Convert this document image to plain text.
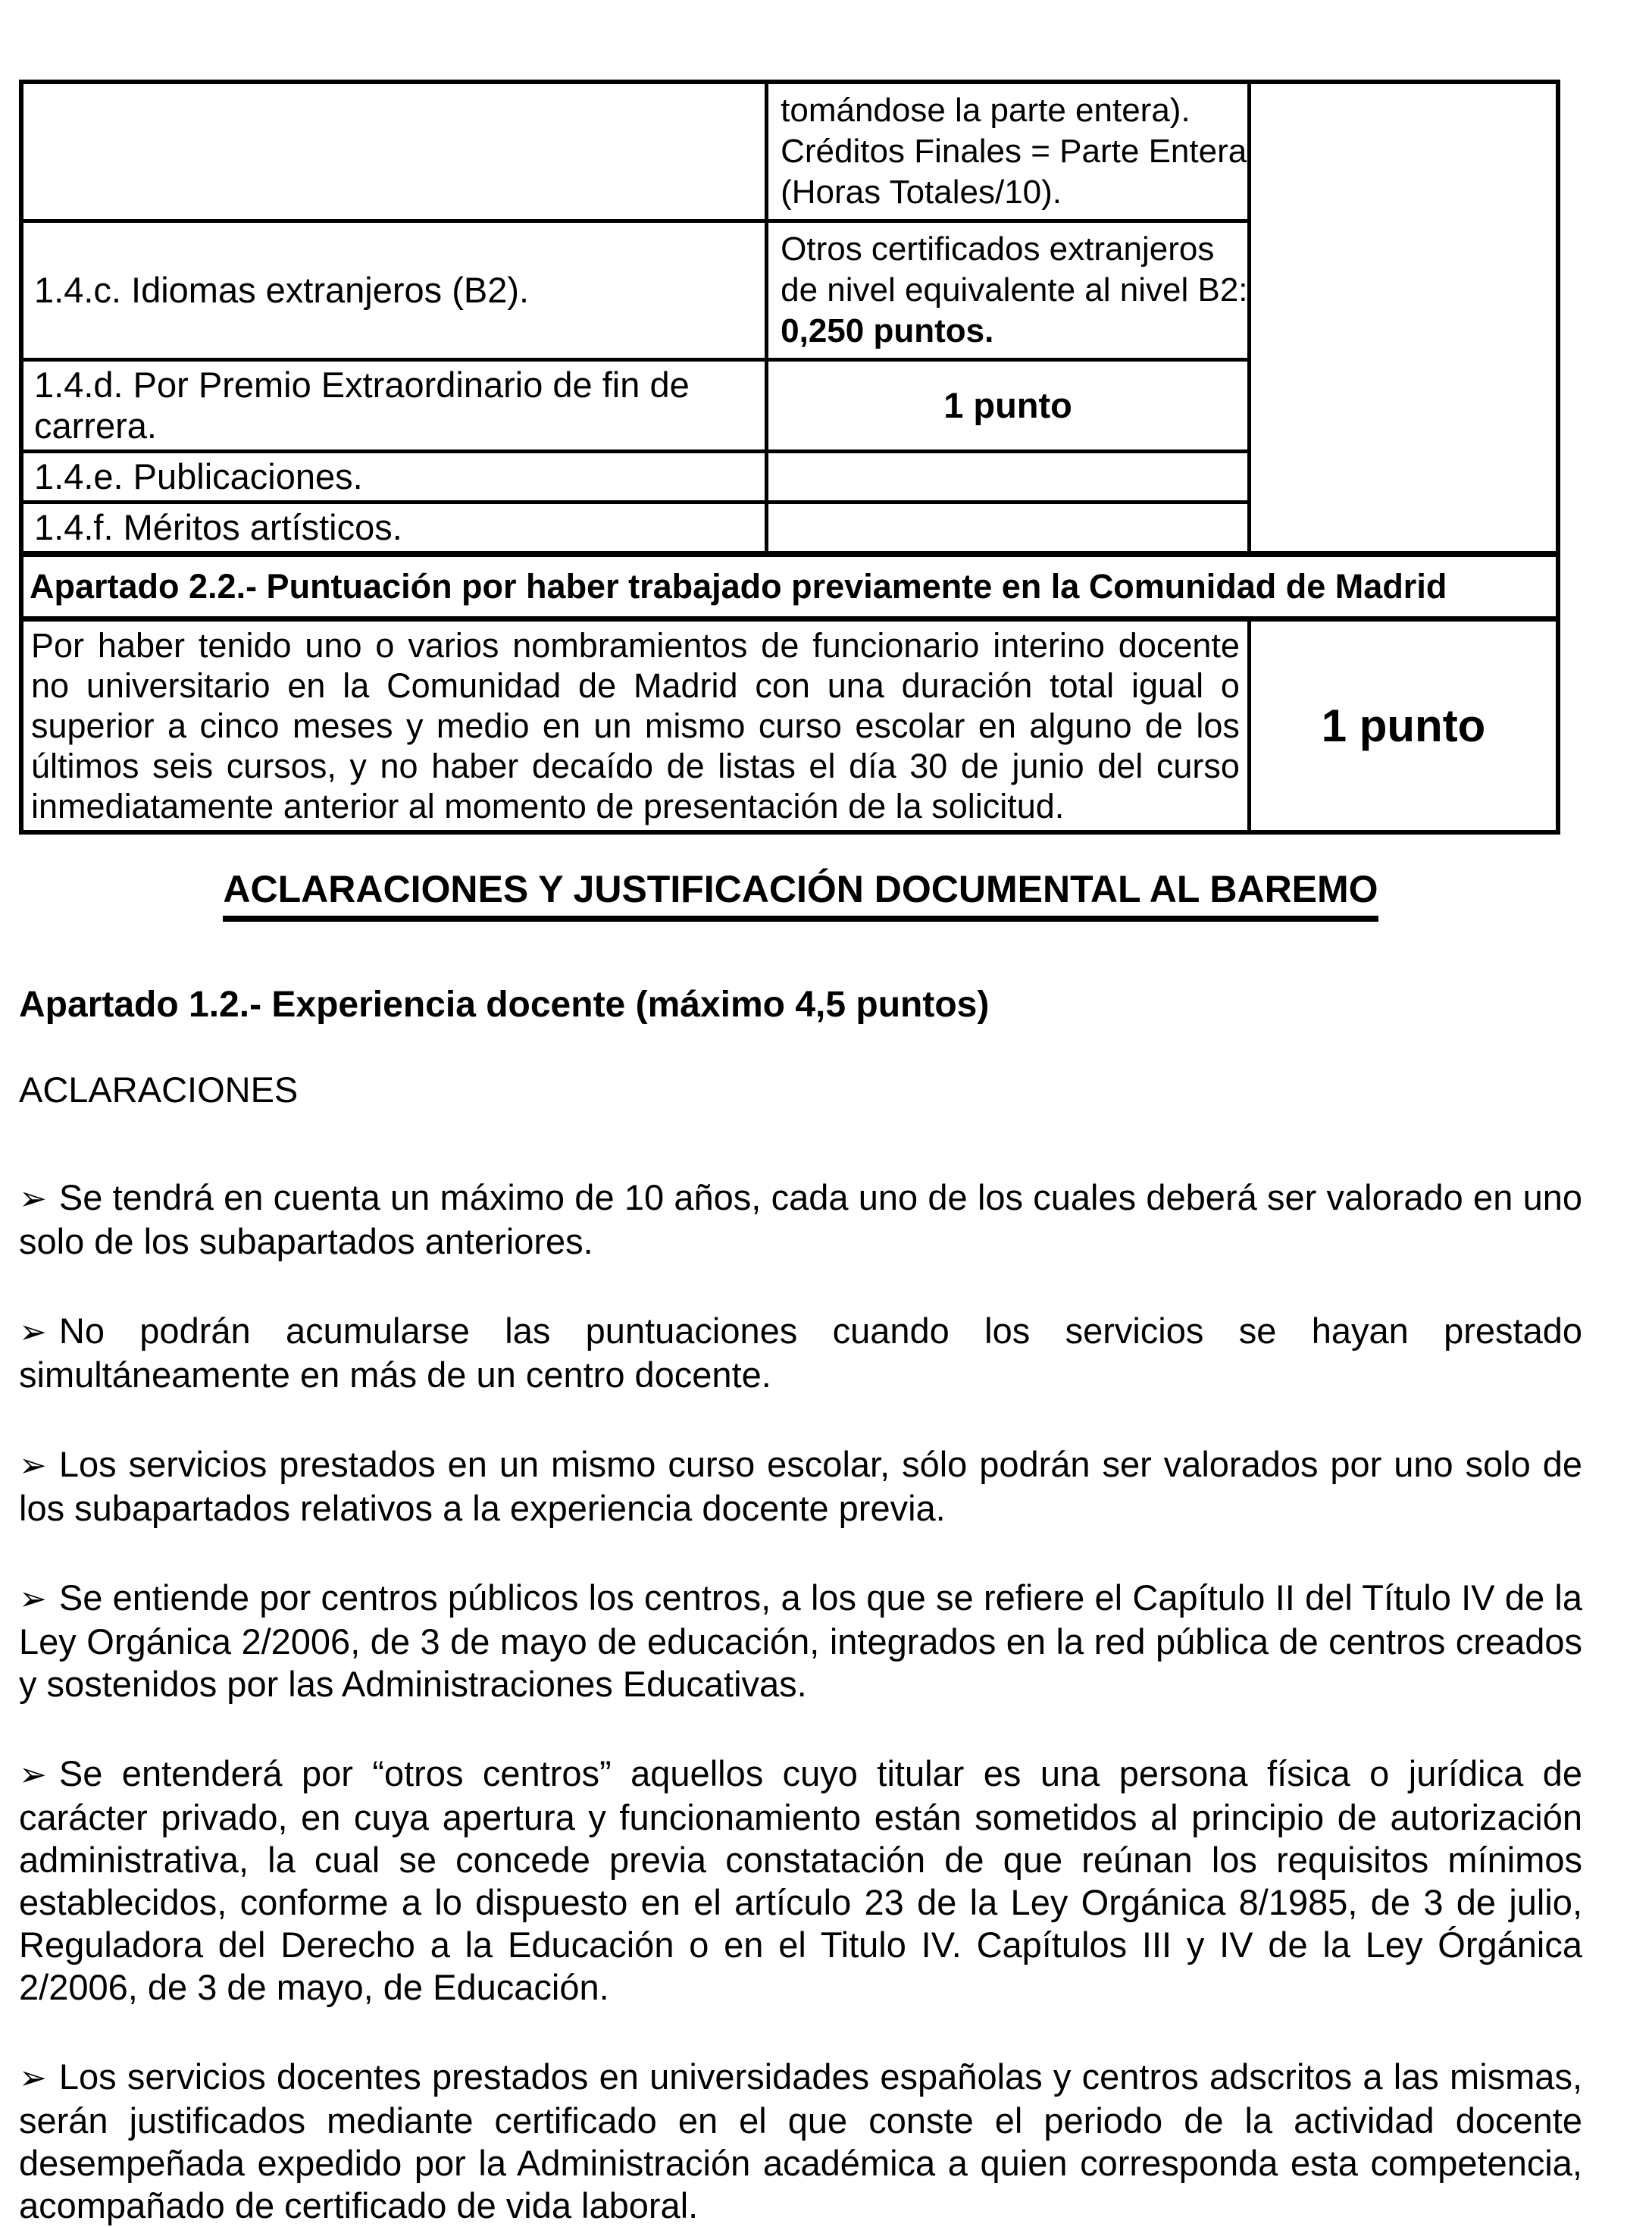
	tomándose la parte entera).
Créditos Finales = Parte Entera
(Horas Totales/10).	

1.4.c. Idiomas extranjeros (B2).	Otros certificados extranjeros
de nivel equivalente al nivel B2:
0,250 puntos.	

1.4.d. Por Premio Extraordinario de fin de carrera.	1 punto	
1.4.e. Publicaciones.		
1.4.f. Méritos artísticos.		
Apartado 2.2.- Puntuación por haber trabajado previamente en la Comunidad de Madrid		
Por haber tenido uno o varios nombramientos de funcionario interino docente no universitario en la Comunidad de Madrid con una duración total igual o superior a cinco meses y medio en un mismo curso escolar en alguno de los últimos seis cursos, y no haber decaído de listas el día 30 de junio del curso inmediatamente anterior al momento de presentación de la solicitud.		1 punto
ACLARACIONES Y JUSTIFICACIÓN DOCUMENTAL AL BAREMO
Apartado 1.2.- Experiencia docente (máximo 4,5 puntos)
ACLARACIONES

➢ Se tendrá en cuenta un máximo de 10 años, cada uno de los cuales deberá ser valorado en uno solo de los subapartados anteriores.

➢ No podrán acumularse las puntuaciones cuando los servicios se hayan prestado simultáneamente en más de un centro docente.

➢ Los servicios prestados en un mismo curso escolar, sólo podrán ser valorados por uno solo de los subapartados relativos a la experiencia docente previa.

➢ Se entiende por centros públicos los centros, a los que se refiere el Capítulo II del Título IV de la Ley Orgánica 2/2006, de 3 de mayo de educación, integrados en la red pública de centros creados y sostenidos por las Administraciones Educativas.

➢ Se entenderá por “otros centros” aquellos cuyo titular es una persona física o jurídica de carácter privado, en cuya apertura y funcionamiento están sometidos al principio de autorización administrativa, la cual se concede previa constatación de que reúnan los requisitos mínimos establecidos, conforme a lo dispuesto en el artículo 23 de la Ley Orgánica 8/1985, de 3 de julio, Reguladora del Derecho a la Educación o en el Titulo IV. Capítulos III y IV de la Ley Órgánica 2/2006, de 3 de mayo, de Educación.

➢ Los servicios docentes prestados en universidades españolas y centros adscritos a las mismas, serán justificados mediante certificado en el que conste el periodo de la actividad docente desempeñada expedido por la Administración académica a quien corresponda esta competencia, acompañado de certificado de vida laboral.
